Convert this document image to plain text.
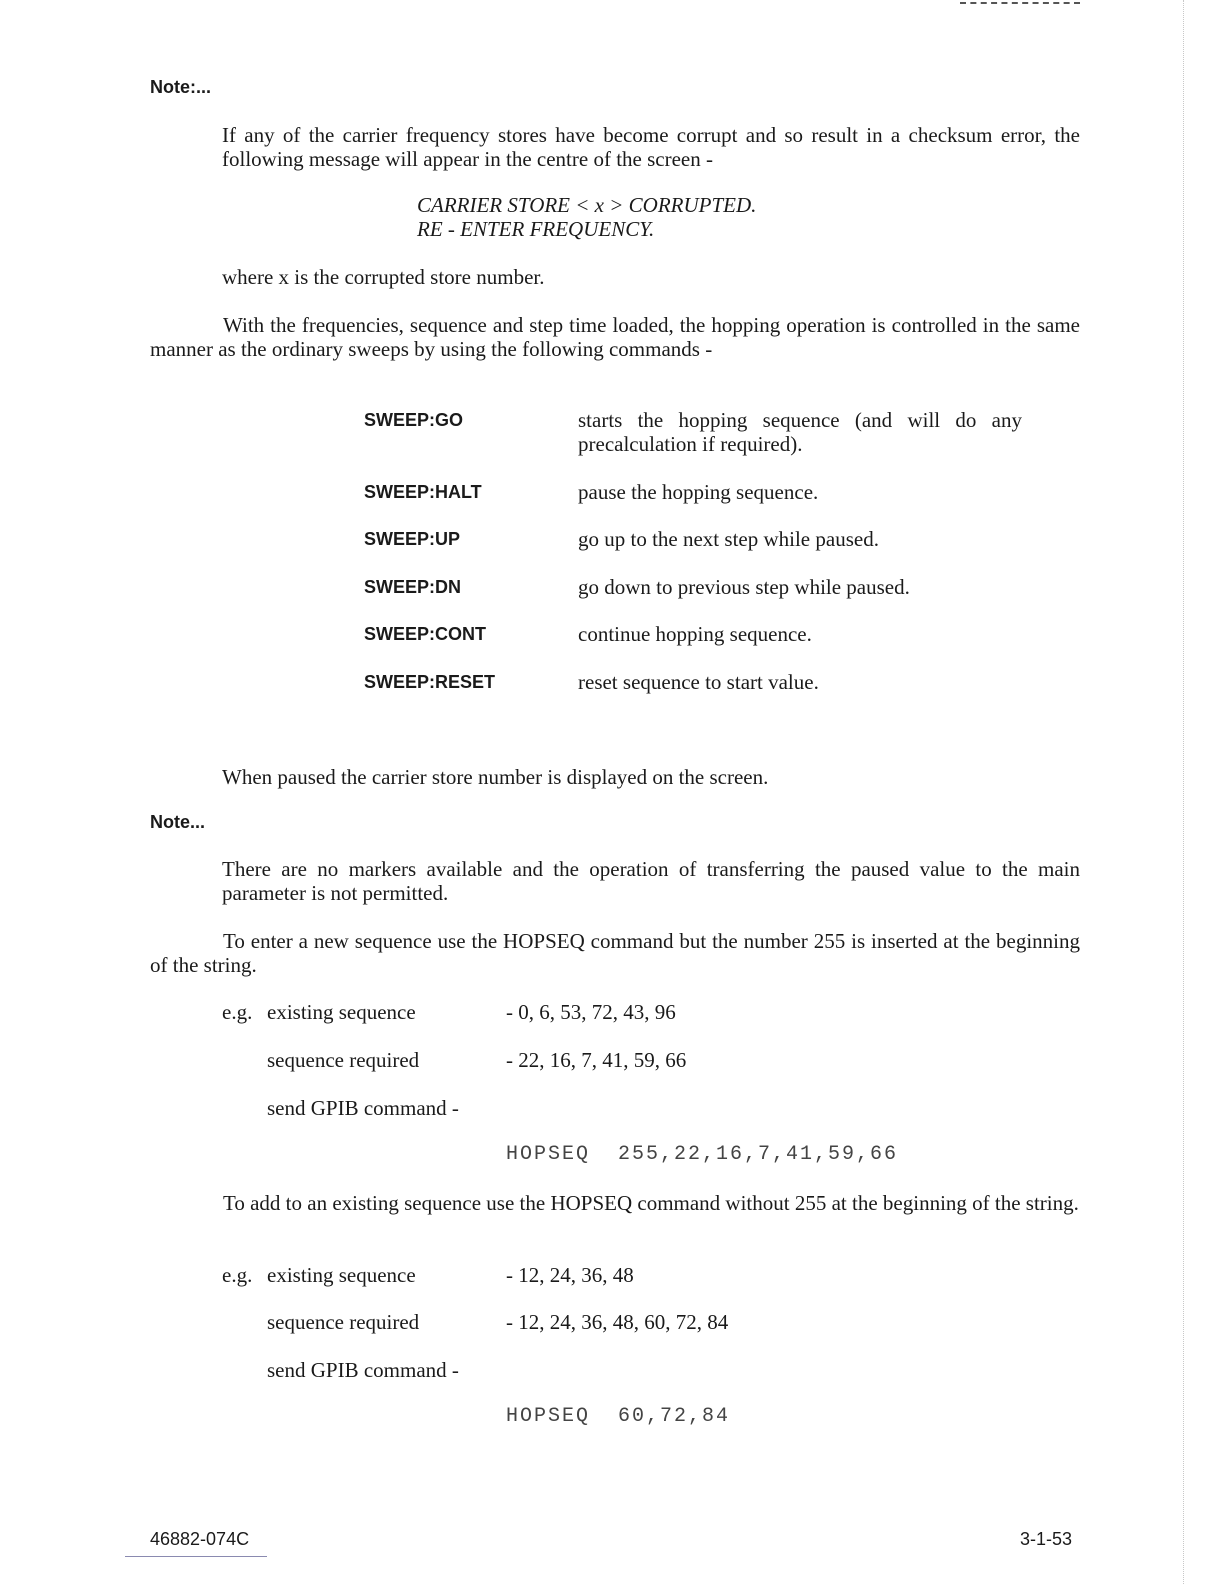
Note:...

If any of the carrier frequency stores have become corrupt and so result in a checksum error, the following message will appear in the centre of the screen -

CARRIER STORE < x > CORRUPTED.
RE - ENTER FREQUENCY.

where x is the corrupted store number.

With the frequencies, sequence and step time loaded, the hopping operation is controlled in the same manner as the ordinary sweeps by using the following commands -

SWEEP:GO	starts the hopping sequence (and will do any precalculation if required).
SWEEP:HALT	pause the hopping sequence.
SWEEP:UP	go up to the next step while paused.
SWEEP:DN	go down to previous step while paused.
SWEEP:CONT	continue hopping sequence.
SWEEP:RESET	reset sequence to start value.

When paused the carrier store number is displayed on the screen.

Note...

There are no markers available and the operation of transferring the paused value to the main parameter is not permitted.

To enter a new sequence use the HOPSEQ command but the number 255 is inserted at the beginning of the string.

e.g. existing sequence	- 0, 6, 53, 72, 43, 96
sequence required	- 22, 16, 7, 41, 59, 66
send GPIB command -
HOPSEQ  255,22,16,7,41,59,66

To add to an existing sequence use the HOPSEQ command without 255 at the beginning of the string.

e.g. existing sequence	- 12, 24, 36, 48
sequence required	- 12, 24, 36, 48, 60, 72, 84
send GPIB command -
HOPSEQ  60,72,84
46882-074C	3-1-53
